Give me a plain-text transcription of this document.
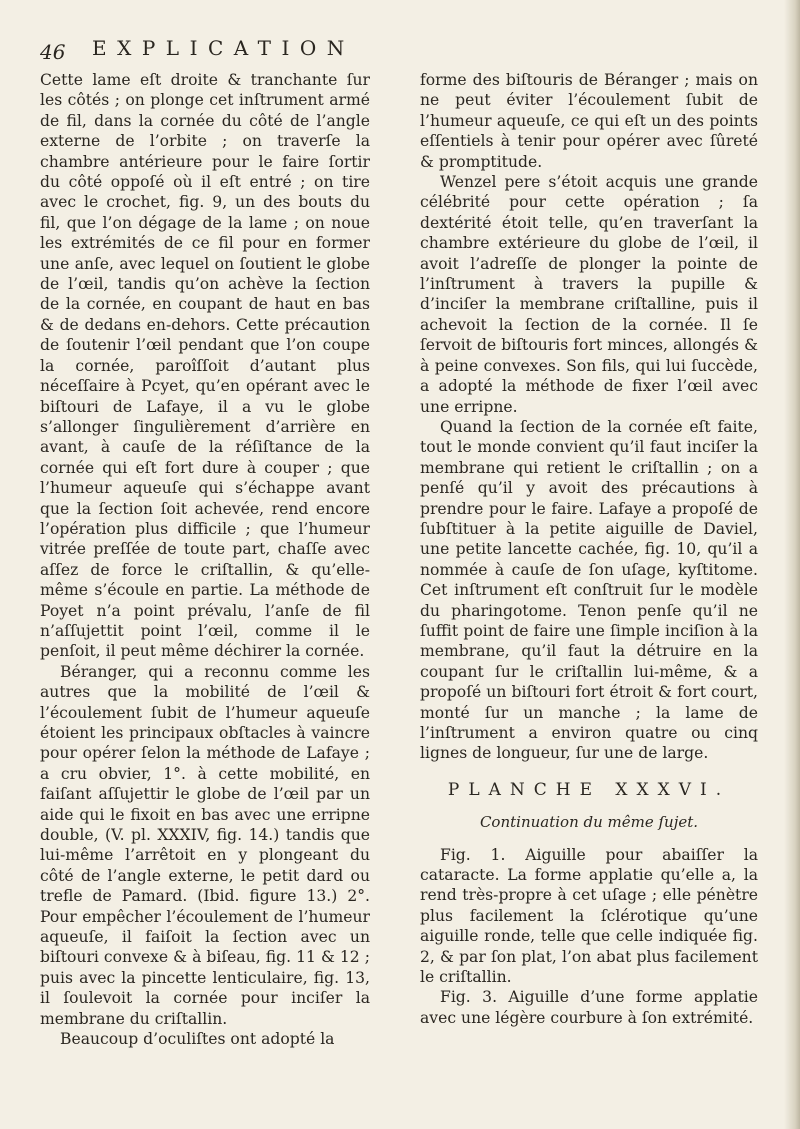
46 EXPLICATION

Cette lame eſt droite & tranchante ſur les côtés ; on plonge cet inſtrument armé de fil, dans la cornée du côté de l’angle externe de l’orbite ; on traverſe la chambre antérieure pour le faire ſortir du côté oppoſé où il eſt entré ; on tire avec le crochet, fig. 9, un des bouts du fil, que l’on dégage de la lame ; on noue les extrémités de ce fil pour en former une anſe, avec lequel on ſoutient le globe de l’œil, tandis qu’on achève la ſection de la cornée, en coupant de haut en bas & de dedans en-dehors. Cette précaution de ſoutenir l’œil pendant que l’on coupe la cornée, paroîſſoit d’autant plus néceſſaire à Pcyet, qu’en opérant avec le biſtouri de Lafaye, il a vu le globe s’allonger ſingulièrement d’arrière en avant, à cauſe de la réſiſtance de la cornée qui eſt fort dure à couper ; que l’humeur aqueuſe qui s’échappe avant que la ſection ſoit achevée, rend encore l’opération plus difficile ; que l’humeur vitrée preſſée de toute part, chaſſe avec aſſez de force le criſtallin, & qu’elle-même s’écoule en partie. La méthode de Poyet n’a point prévalu, l’anſe de fil n’aſſujettit point l’œil, comme il le penſoit, il peut même déchirer la cornée.

Béranger, qui a reconnu comme les autres que la mobilité de l’œil & l’écoulement ſubit de l’humeur aqueuſe étoient les principaux obſtacles à vaincre pour opérer ſelon la méthode de Lafaye ; a cru obvier, 1°. à cette mobilité, en faiſant aſſujettir le globe de l’œil par un aide qui le fixoit en bas avec une erripne double, (V. pl. XXXIV, fig. 14.) tandis que lui-même l’arrêtoit en y plongeant du côté de l’angle externe, le petit dard ou trefle de Pamard. (Ibid. figure 13.) 2°. Pour empêcher l’écoulement de l’humeur aqueuſe, il faiſoit la ſection avec un biſtouri convexe & à biſeau, fig. 11 & 12 ; puis avec la pincette lenticulaire, fig. 13, il ſoulevoit la cornée pour inciſer la membrane du criſtallin.

Beaucoup d’oculiſtes ont adopté la

forme des biſtouris de Béranger ; mais on ne peut éviter l’écoulement ſubit de l’humeur aqueuſe, ce qui eſt un des points eſſentiels à tenir pour opérer avec ſûreté & promptitude.

Wenzel pere s’étoit acquis une grande célébrité pour cette opération ; ſa dextérité étoit telle, qu’en traverſant la chambre extérieure du globe de l’œil, il avoit l’adreſſe de plonger la pointe de l’inſtrument à travers la pupille & d’inciſer la membrane criſtalline, puis il achevoit la ſection de la cornée. Il ſe ſervoit de biſtouris fort minces, allongés & à peine convexes. Son fils, qui lui ſuccède, a adopté la méthode de fixer l’œil avec une erripne.

Quand la ſection de la cornée eſt faite, tout le monde convient qu’il faut inciſer la membrane qui retient le criſtallin ; on a penſé qu’il y avoit des précautions à prendre pour le faire. Lafaye a propoſé de ſubſtituer à la petite aiguille de Daviel, une petite lancette cachée, fig. 10, qu’il a nommée à cauſe de ſon uſage, kyſtitome. Cet inſtrument eſt conſtruit ſur le modèle du pharingotome. Tenon penſe qu’il ne ſuffit point de faire une ſimple inciſion à la membrane, qu’il faut la détruire en la coupant ſur le criſtallin lui-même, & a propoſé un biſtouri fort étroit & fort court, monté ſur un manche ; la lame de l’inſtrument a environ quatre ou cinq lignes de longueur, ſur une de large.

PLANCHE XXXVI.
Continuation du même ſujet.

Fig. 1. Aiguille pour abaiſſer la cataracte. La forme applatie qu’elle a, la rend très-propre à cet uſage ; elle pénètre plus facilement la ſclérotique qu’une aiguille ronde, telle que celle indiquée fig. 2, & par ſon plat, l’on abat plus facilement le criſtallin.

Fig. 3. Aiguille d’une forme applatie avec une légère courbure à ſon extrémité.
